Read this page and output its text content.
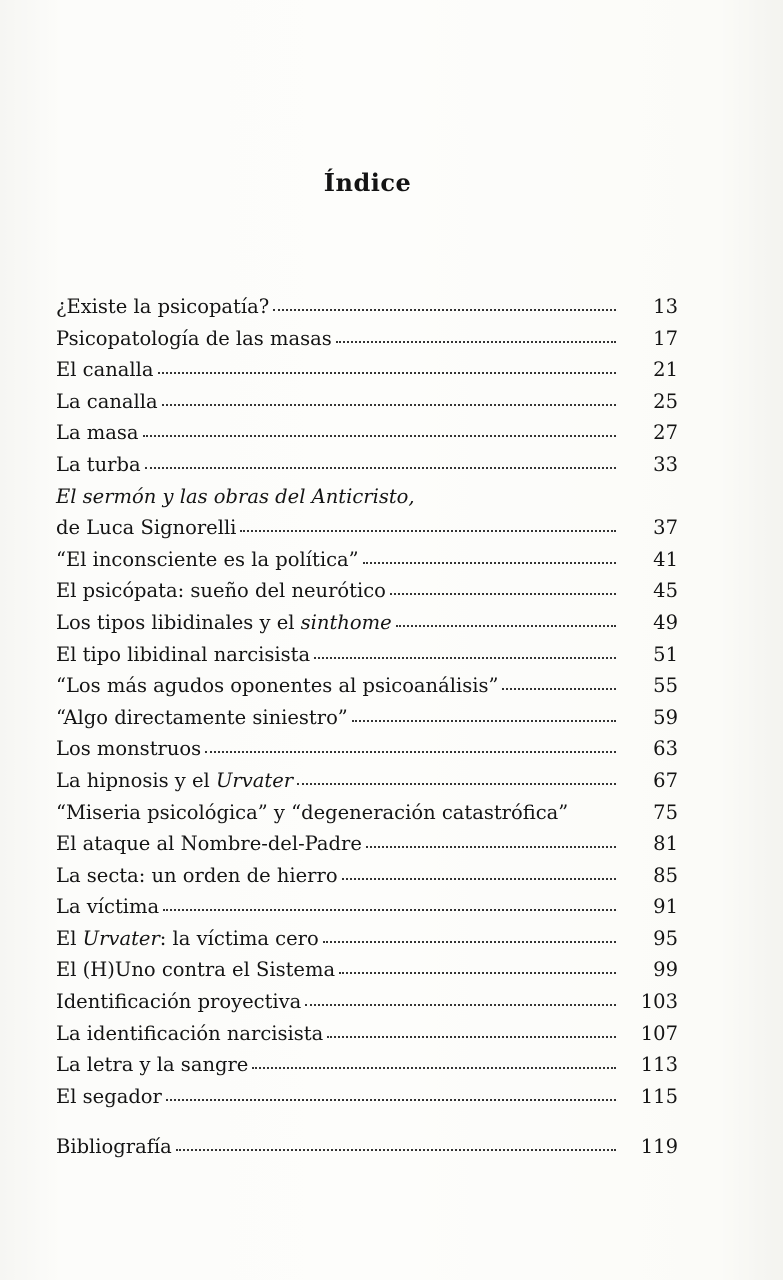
Índice
¿Existe la psicopatía?	13
Psicopatología de las masas	17
El canalla	21
La canalla	25
La masa	27
La turba	33
El sermón y las obras del Anticristo,
de Luca Signorelli	37
“El inconsciente es la política”	41
El psicópata: sueño del neurótico	45
Los tipos libidinales y el sinthome	49
El tipo libidinal narcisista	51
“Los más agudos oponentes al psicoanálisis”	55
“Algo directamente siniestro”	59
Los monstruos	63
La hipnosis y el Urvater	67
“Miseria psicológica” y “degeneración catastrófica”	75
El ataque al Nombre-del-Padre	81
La secta: un orden de hierro	85
La víctima	91
El Urvater: la víctima cero	95
El (H)Uno contra el Sistema	99
Identificación proyectiva	103
La identificación narcisista	107
La letra y la sangre	113
El segador	115
Bibliografía	119
